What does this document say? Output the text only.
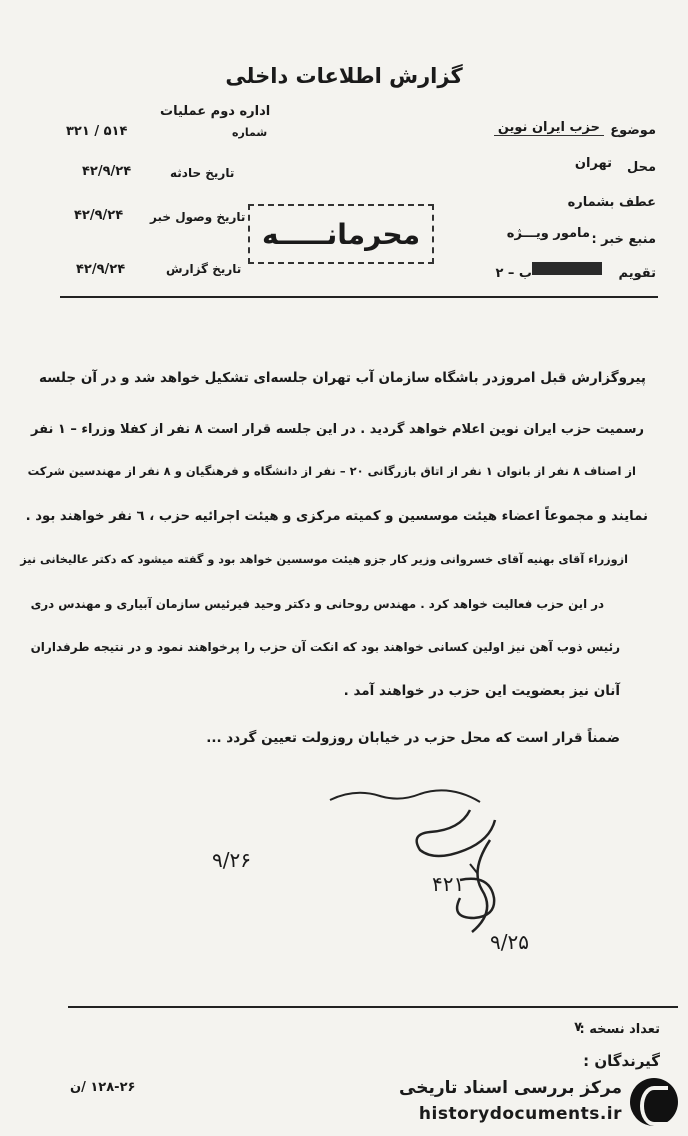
گزارش اطلاعات داخلی
موضوع
حزب ایران نوین
محل
تهران
عطف بشماره
منبع خبر :
مامور ویـــژه
تقویم
ب – ۲
اداره دوم عملیات
شماره
۳۲۱ / ۵۱۴
تاریخ حادثه
۴۲/۹/۲۴
تاریخ وصول خبر
۴۲/۹/۲۴
تاریخ گزارش
۴۲/۹/۲۴
محرمانـــــه
پیروگزارش قبل امروزدر باشگاه سازمان آب تهران جلسه‌ای تشکیل خواهد شد و در آن جلسه
رسمیت حزب ایران نوین اعلام خواهد گردید . در این جلسه قرار است ۸ نفر از کفلا وزراء – ۱ نفر
از اصناف ۸ نفر از بانوان ۱ نفر از اتاق بازرگانی ۲۰ – نفر از دانشگاه و فرهنگیان و ۸ نفر از مهندسین شرکت
نمایند و مجموعاً اعضاء هیئت موسسین و کمیته مرکزی و هیئت اجرائیه حزب ، ٦ نفر خواهند بود .
ازوزراء آقای بهنیه آقای خسروانی وزیر کار جزو هیئت موسسین خواهد بود و گفته میشود که دکتر عالیخانی نیز
در این حزب فعالیت خواهد کرد . مهندس روحانی و دکتر وحید فیرئیس سازمان آبیاری و مهندس دری
رئیس ذوب آهن نیز اولین کسانی خواهند بود که انکت آن حزب را پرخواهند نمود و در نتیجه طرفداران
آنان نیز بعضویت این حزب در خواهند آمد .
ضمناً قرار است که محل حزب در خیابان روزولت تعیین گردد ...
۹/۲۶
۴۲۱
۹/۲۵
تعداد نسخه :
۷
گیرندگان :
۱۲۸-۲۶ /ن	مرکز بررسی اسناد تاریخی
historydocuments.ir
